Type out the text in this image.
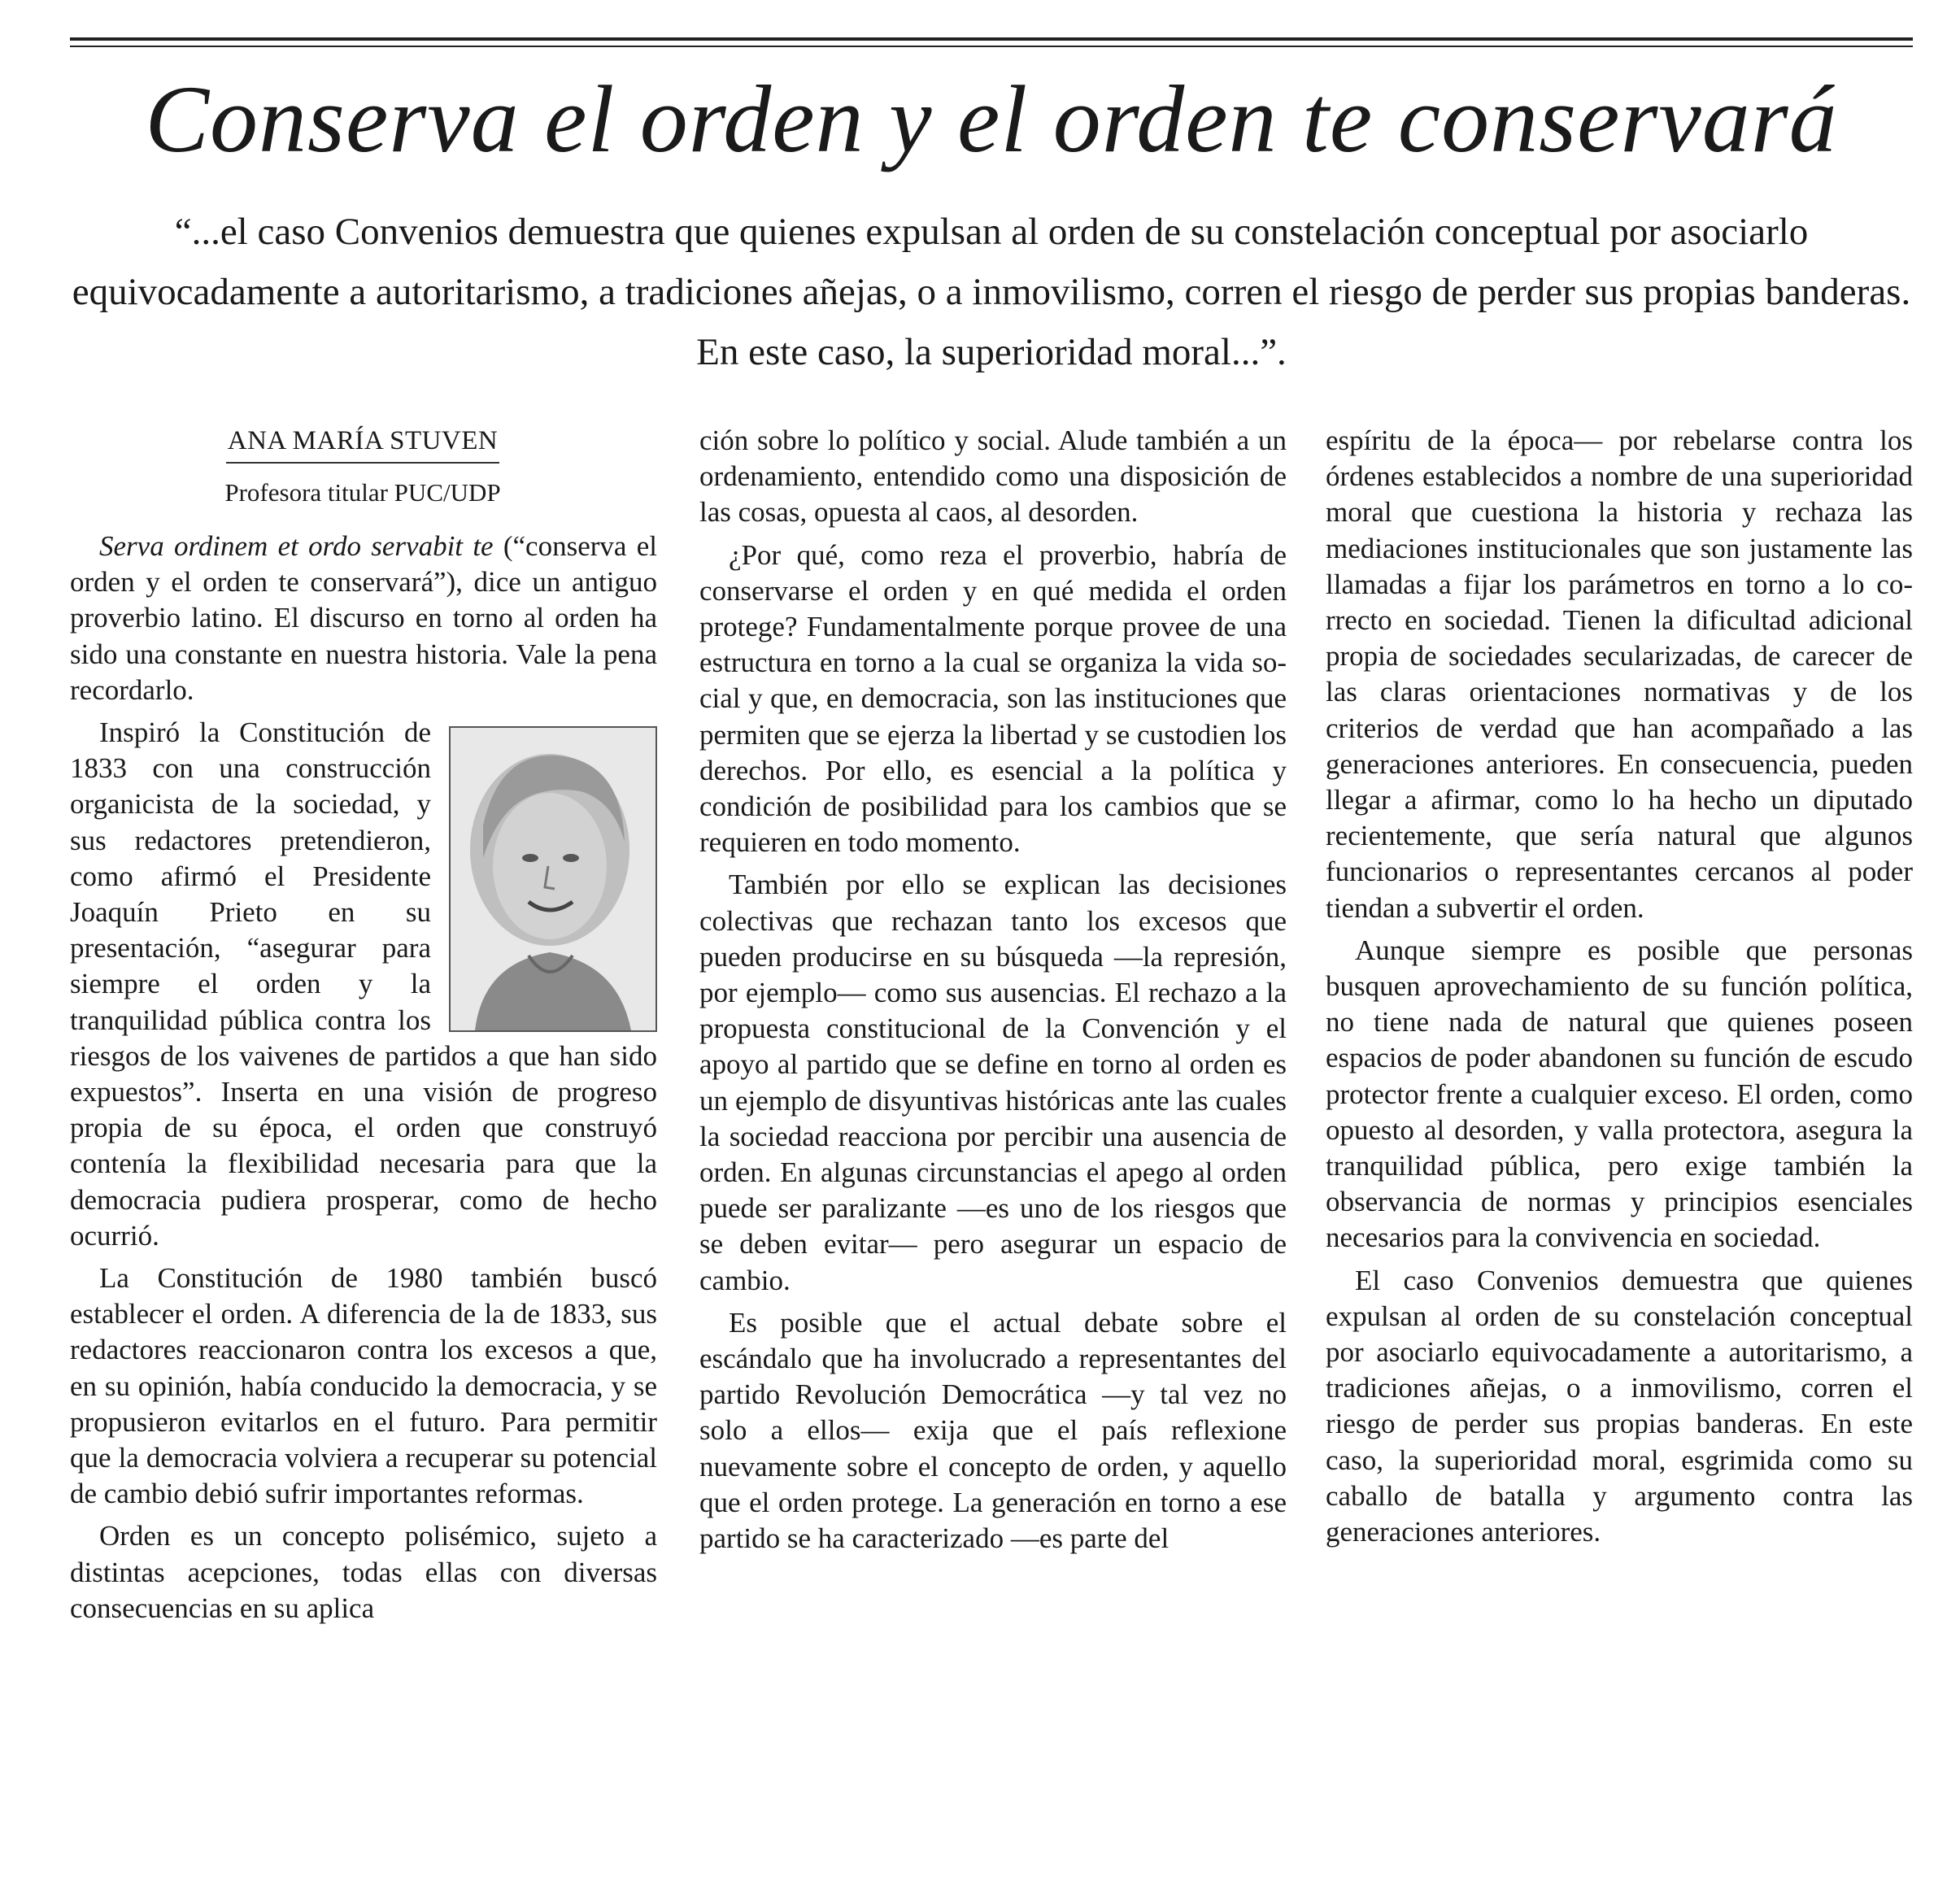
Conserva el orden y el orden te conservará

“...el caso Convenios demuestra que quienes expulsan al orden de su constelación conceptual por asociarlo equivocadamente a autoritarismo, a tradiciones añejas, o a inmovilismo, corren el riesgo de perder sus propias banderas. En este caso, la superioridad moral...”.

ANA MARÍA STUVEN
Profesora titular PUC/UDP

Serva ordinem et ordo servabit te (“conserva el orden y el orden te conservará”), dice un antiguo proverbio latino. El discurso en torno al orden ha sido una constante en nuestra historia. Vale la pena recordarlo.

Inspiró la Constitución de 1833 con una construcción organicista de la sociedad, y sus redactores pretendieron, como afirmó el Presidente Joaquín Prieto en su presentación, “asegurar para siempre el orden y la tranquilidad pública contra los riesgos de los vaivenes de partidos a que han sido expuestos”. Inserta en una visión de progreso propia de su época, el orden que construyó contenía la flexibilidad necesaria para que la democracia pudiera prosperar, como de hecho ocurrió.

La Constitución de 1980 también buscó establecer el orden. A diferencia de la de 1833, sus redactores reaccionaron contra los excesos a que, en su opinión, había conducido la democracia, y se propusieron evitarlos en el futuro. Para permitir que la democracia volviera a recuperar su potencial de cambio debió sufrir importantes reformas.

Orden es un concepto polisémico, sujeto a distintas acepciones, todas ellas con diversas consecuencias en su aplica

ción sobre lo político y social. Alude también a un ordenamiento, entendido como una disposición de las cosas, opuesta al caos, al desorden.

¿Por qué, como reza el proverbio, habría de conservarse el orden y en qué medida el orden protege? Fundamentalmente porque provee de una estructura en torno a la cual se organiza la vida social y que, en democracia, son las instituciones que permiten que se ejerza la libertad y se custodien los derechos. Por ello, es esencial a la política y condición de posibilidad para los cambios que se requieren en todo momento.

También por ello se explican las decisiones colectivas que rechazan tanto los excesos que pueden producirse en su búsqueda —la represión, por ejemplo— como sus ausencias. El rechazo a la propuesta constitucional de la Convención y el apoyo al partido que se define en torno al orden es un ejemplo de disyuntivas históricas ante las cuales la sociedad reacciona por percibir una ausencia de orden. En algunas circunstancias el apego al orden puede ser paralizante —es uno de los riesgos que se deben evitar— pero asegurar un espacio de cambio.

Es posible que el actual debate sobre el escándalo que ha involucrado a representantes del partido Revolución Democrática —y tal vez no solo a ellos— exija que el país reflexione nuevamente sobre el concepto de orden, y aquello que el orden protege. La generación en torno a ese partido se ha caracterizado —es parte del

espíritu de la época— por rebelarse contra los órdenes establecidos a nombre de una superioridad moral que cuestiona la historia y rechaza las mediaciones institucionales que son justamente las llamadas a fijar los parámetros en torno a lo correcto en sociedad. Tienen la dificultad adicional propia de sociedades secularizadas, de carecer de las claras orientaciones normativas y de los criterios de verdad que han acompañado a las generaciones anteriores. En consecuencia, pueden llegar a afirmar, como lo ha hecho un diputado recientemente, que sería natural que algunos funcionarios o representantes cercanos al poder tiendan a subvertir el orden.

Aunque siempre es posible que personas busquen aprovechamiento de su función política, no tiene nada de natural que quienes poseen espacios de poder abandonen su función de escudo protector frente a cualquier exceso. El orden, como opuesto al desorden, y valla protectora, asegura la tranquilidad pública, pero exige también la observancia de normas y principios esenciales necesarios para la convivencia en sociedad.

El caso Convenios demuestra que quienes expulsan al orden de su constelación conceptual por asociarlo equivocadamente a autoritarismo, a tradiciones añejas, o a inmovilismo, corren el riesgo de perder sus propias banderas. En este caso, la superioridad moral, esgrimida como su caballo de batalla y argumento contra las generaciones anteriores.
